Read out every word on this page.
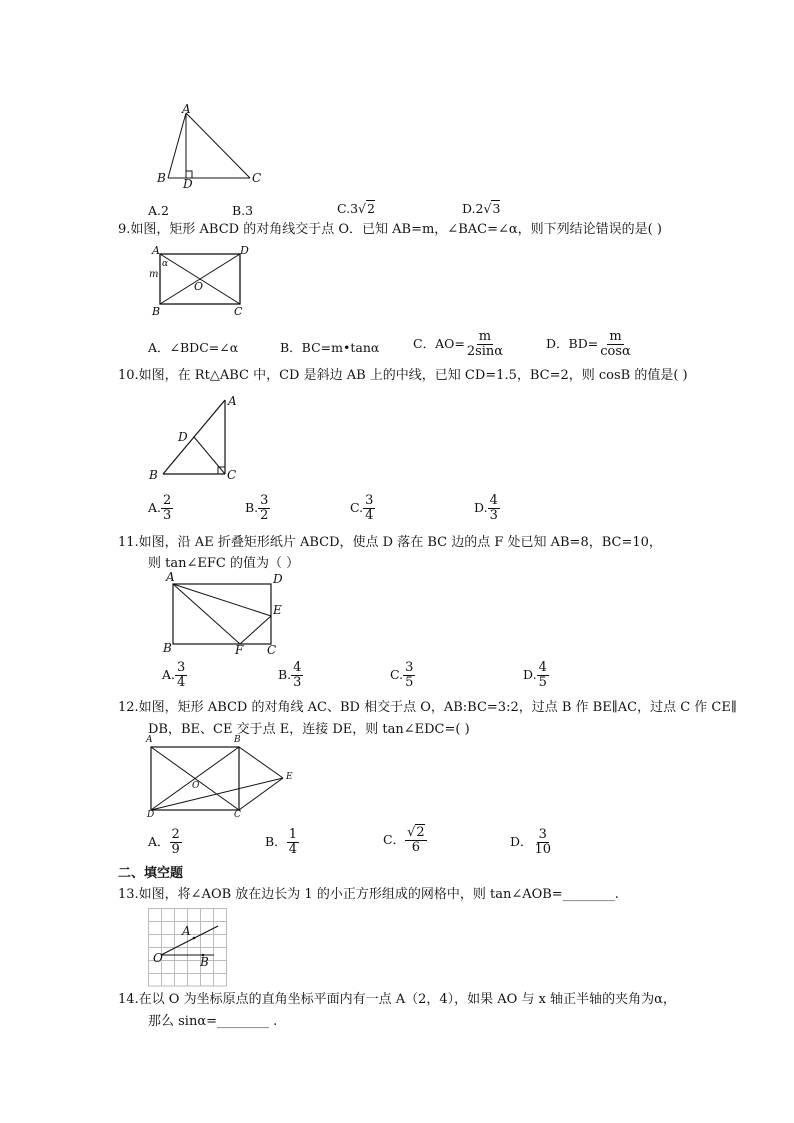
A
B	C
D
A.2	B.3	C.3√2	D.2√3
9.如图，矩形 ABCD 的对角线交于点 O．已知 AB=m，∠BAC=∠α，则下列结论错误的是( )
A	D
B	C
O
m
α
A．∠BDC=∠α	B．BC=m•tanα	C．$AO= \frac{m}{2\sin\alpha}$	D．$BD= \frac{m}{\cos\alpha}$
10.如图，在 Rt△ABC 中，CD 是斜边 AB 上的中线，已知 CD=1.5，BC=2，则 cosB 的值是( )
A
D
B	C
A. $\frac{2}{3}$	B. $\frac{3}{2}$	C. $\frac{3}{4}$	D. $\frac{4}{3}$
11.如图，沿 AE 折叠矩形纸片 ABCD，使点 D 落在 BC 边的点 F 处已知 AB=8，BC=10，
则 tan∠EFC 的值为（ ）
A	D
E
B	F C
A. $\frac{3}{4}$	B. $\frac{4}{3}$	C. $\frac{3}{5}$	D. $\frac{4}{5}$
12.如图，矩形 ABCD 的对角线 AC、BD 相交于点 O，AB:BC=3:2，过点 B 作 BE∥AC，过点 C 作 CE∥
DB，BE、CE 交于点 E，连接 DE，则 tan∠EDC=( )
A	B
E
O
D	C
A． $\frac{2}{9}$	B． $\frac{1}{4}$	C． $\frac{√2}{6}$	D． $\frac{3}{10}$
二、填空题
13.如图，将∠AOB 放在边长为 1 的小正方形组成的网格中，则 tan∠AOB=________.
A
O	B
14.在以 O 为坐标原点的直角坐标平面内有一点 A（2，4），如果 AO 与 x 轴正半轴的夹角为α，
那么 sinα=________ .
